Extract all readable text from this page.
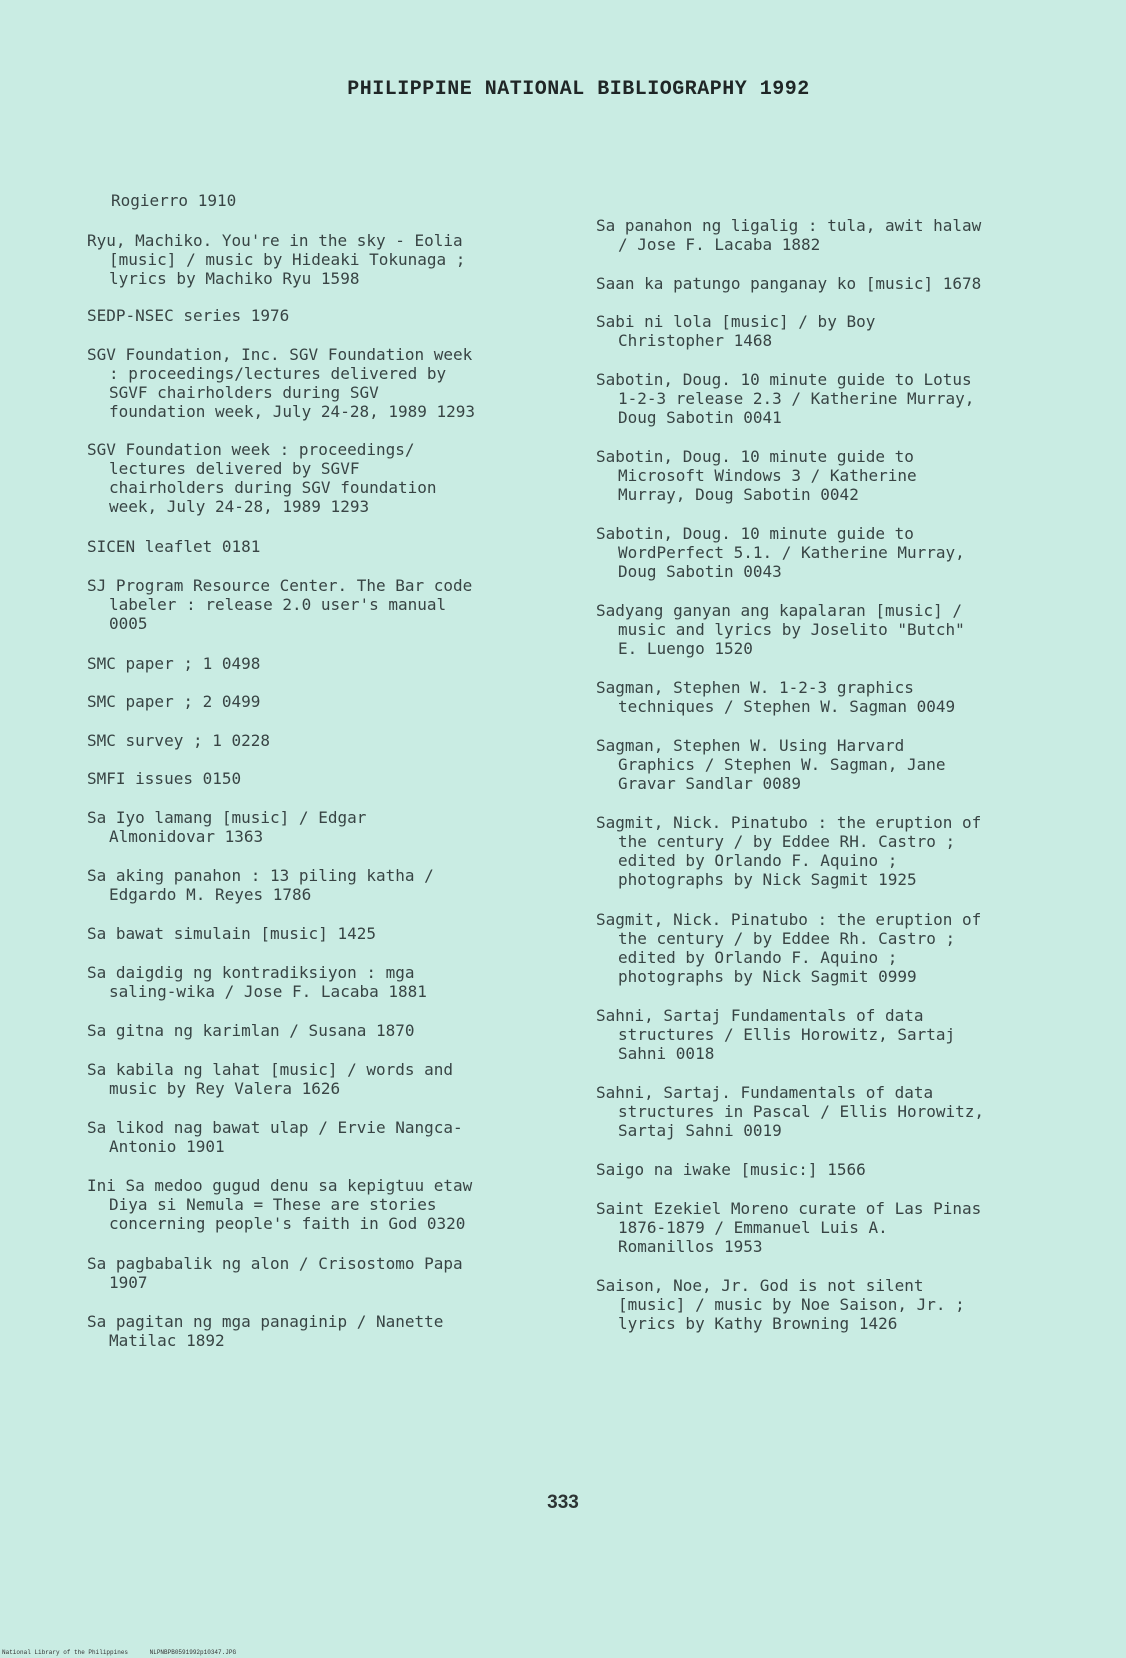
PHILIPPINE NATIONAL BIBLIOGRAPHY 1992
Rogierro 1910
Ryu, Machiko. You're in the sky - Eolia
[music] / music by Hideaki Tokunaga ;
lyrics by Machiko Ryu 1598
SEDP-NSEC series 1976
SGV Foundation, Inc. SGV Foundation week
: proceedings/lectures delivered by
SGVF chairholders during SGV
foundation week, July 24-28, 1989 1293
SGV Foundation week : proceedings/
lectures delivered by SGVF
chairholders during SGV foundation
week, July 24-28, 1989 1293
SICEN leaflet 0181
SJ Program Resource Center. The Bar code
labeler : release 2.0 user's manual
0005
SMC paper ; 1 0498
SMC paper ; 2 0499
SMC survey ; 1 0228
SMFI issues 0150
Sa Iyo lamang [music] / Edgar
Almonidovar 1363
Sa aking panahon : 13 piling katha /
Edgardo M. Reyes 1786
Sa bawat simulain [music] 1425
Sa daigdig ng kontradiksiyon : mga
saling-wika / Jose F. Lacaba 1881
Sa gitna ng karimlan / Susana 1870
Sa kabila ng lahat [music] / words and
music by Rey Valera 1626
Sa likod nag bawat ulap / Ervie Nangca-
Antonio 1901
Ini Sa medoo gugud denu sa kepigtuu etaw
Diya si Nemula = These are stories
concerning people's faith in God 0320
Sa pagbabalik ng alon / Crisostomo Papa
1907
Sa pagitan ng mga panaginip / Nanette
Matilac 1892
Sa panahon ng ligalig : tula, awit halaw
/ Jose F. Lacaba 1882
Saan ka patungo panganay ko [music] 1678
Sabi ni lola [music] / by Boy
Christopher 1468
Sabotin, Doug. 10 minute guide to Lotus
1-2-3 release 2.3 / Katherine Murray,
Doug Sabotin 0041
Sabotin, Doug. 10 minute guide to
Microsoft Windows 3 / Katherine
Murray, Doug Sabotin 0042
Sabotin, Doug. 10 minute guide to
WordPerfect 5.1. / Katherine Murray,
Doug Sabotin 0043
Sadyang ganyan ang kapalaran [music] /
music and lyrics by Joselito "Butch"
E. Luengo 1520
Sagman, Stephen W. 1-2-3 graphics
techniques / Stephen W. Sagman 0049
Sagman, Stephen W. Using Harvard
Graphics / Stephen W. Sagman, Jane
Gravar Sandlar 0089
Sagmit, Nick. Pinatubo : the eruption of
the century / by Eddee RH. Castro ;
edited by Orlando F. Aquino ;
photographs by Nick Sagmit 1925
Sagmit, Nick. Pinatubo : the eruption of
the century / by Eddee Rh. Castro ;
edited by Orlando F. Aquino ;
photographs by Nick Sagmit 0999
Sahni, Sartaj Fundamentals of data
structures / Ellis Horowitz, Sartaj
Sahni 0018
Sahni, Sartaj. Fundamentals of data
structures in Pascal / Ellis Horowitz,
Sartaj Sahni 0019
Saigo na iwake [music:] 1566
Saint Ezekiel Moreno curate of Las Pinas
1876-1879 / Emmanuel Luis A.
Romanillos 1953
Saison, Noe, Jr. God is not silent
[music] / music by Noe Saison, Jr. ;
lyrics by Kathy Browning 1426
333
National Library of the Philippines      NLPNBPB0591992p10347.JPG
